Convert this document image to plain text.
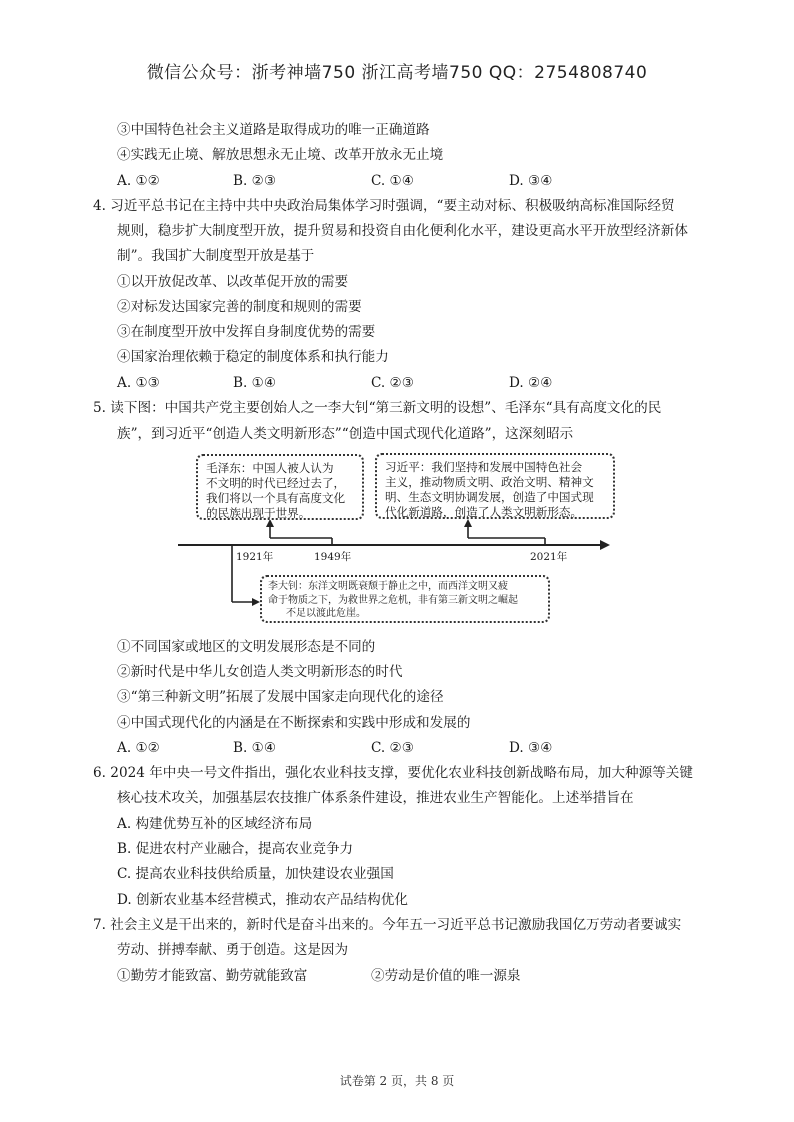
微信公众号：浙考神墙750 浙江高考墙750 QQ：2754808740
③中国特色社会主义道路是取得成功的唯一正确道路
④实践无止境、解放思想永无止境、改革开放永无止境
A. ①②	B. ②③	C. ①④	D. ③④
4. 习近平总书记在主持中共中央政治局集体学习时强调，“要主动对标、积极吸纳高标准国际经贸
规则，稳步扩大制度型开放，提升贸易和投资自由化便利化水平，建设更高水平开放型经济新体
制”。我国扩大制度型开放是基于
①以开放促改革、以改革促开放的需要
②对标发达国家完善的制度和规则的需要
③在制度型开放中发挥自身制度优势的需要
④国家治理依赖于稳定的制度体系和执行能力
A. ①③	B. ①④	C. ②③	D. ②④
5. 读下图：中国共产党主要创始人之一李大钊“第三新文明的设想”、毛泽东“具有高度文化的民
族”，到习近平“创造人类文明新形态”“创造中国式现代化道路”，这深刻昭示
1921年	1949年	2021年
毛泽东：中国人被人认为
不文明的时代已经过去了，
我们将以一个具有高度文化
的民族出现于世界。
习近平：我们坚持和发展中国特色社会
主义，推动物质文明、政治文明、精神文
明、生态文明协调发展，创造了中国式现
代化新道路，创造了人类文明新形态。
李大钊：东洋文明既衰颓于静止之中，而西洋文明又疲
命于物质之下，为救世界之危机，非有第三新文明之崛起
不足以渡此危崖。
①不同国家或地区的文明发展形态是不同的
②新时代是中华儿女创造人类文明新形态的时代
③“第三种新文明”拓展了发展中国家走向现代化的途径
④中国式现代化的内涵是在不断探索和实践中形成和发展的
A. ①②	B. ①④	C. ②③	D. ③④
6. 2024 年中央一号文件指出，强化农业科技支撑，要优化农业科技创新战略布局，加大种源等关键
核心技术攻关，加强基层农技推广体系条件建设，推进农业生产智能化。上述举措旨在
A. 构建优势互补的区域经济布局
B. 促进农村产业融合，提高农业竞争力
C. 提高农业科技供给质量，加快建设农业强国
D. 创新农业基本经营模式，推动农产品结构优化
7. 社会主义是干出来的，新时代是奋斗出来的。今年五一习近平总书记激励我国亿万劳动者要诚实
劳动、拼搏奉献、勇于创造。这是因为
①勤劳才能致富、勤劳就能致富	②劳动是价值的唯一源泉
试卷第 2 页，共 8 页
